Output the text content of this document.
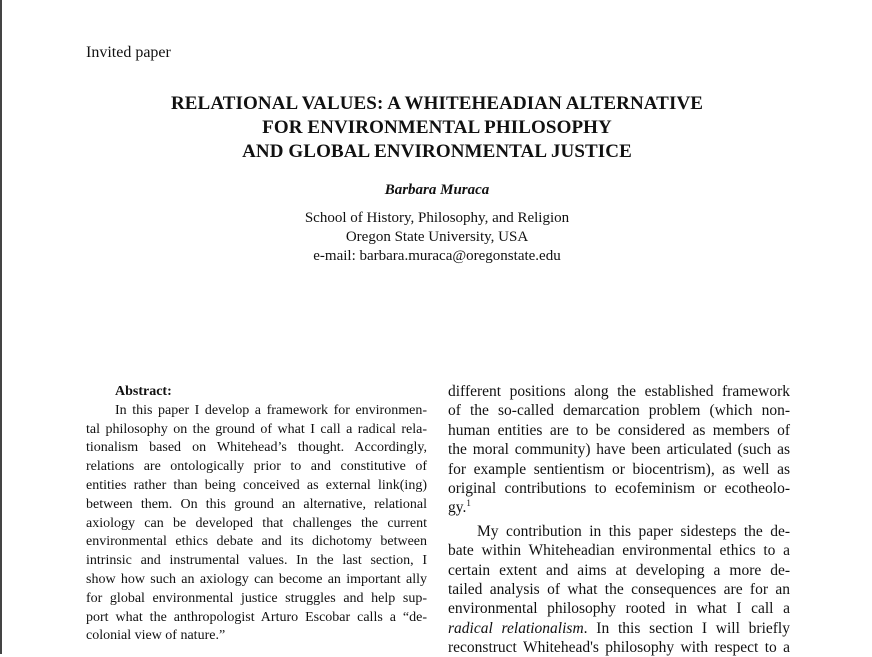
Invited paper
RELATIONAL VALUES: A WHITEHEADIAN ALTERNATIVE
FOR ENVIRONMENTAL PHILOSOPHY
AND GLOBAL ENVIRONMENTAL JUSTICE
Barbara Muraca
School of History, Philosophy, and Religion
Oregon State University, USA
e-mail: barbara.muraca@oregonstate.edu
Abstract:
In this paper I develop a framework for environmen-
tal philosophy on the ground of what I call a radical rela-
tionalism based on Whitehead’s thought. Accordingly,
relations are ontologically prior to and constitutive of
entities rather than being conceived as external link(ing)
between them. On this ground an alternative, relational
axiology can be developed that challenges the current
environmental ethics debate and its dichotomy between
intrinsic and instrumental values. In the last section, I
show how such an axiology can become an important ally
for global environmental justice struggles and help sup-
port what the anthropologist Arturo Escobar calls a “de-
colonial view of nature.”
different positions along the established framework
of the so-called demarcation problem (which non-
human entities are to be considered as members of
the moral community) have been articulated (such as
for example sentientism or biocentrism), as well as
original contributions to ecofeminism or ecotheolo-
gy.$^1$
My contribution in this paper sidesteps the de-
bate within Whiteheadian environmental ethics to a
certain extent and aims at developing a more de-
tailed analysis of what the consequences are for an
environmental philosophy rooted in what I call a
radical relationalism. In this section I will briefly
reconstruct Whitehead's philosophy with respect to a
